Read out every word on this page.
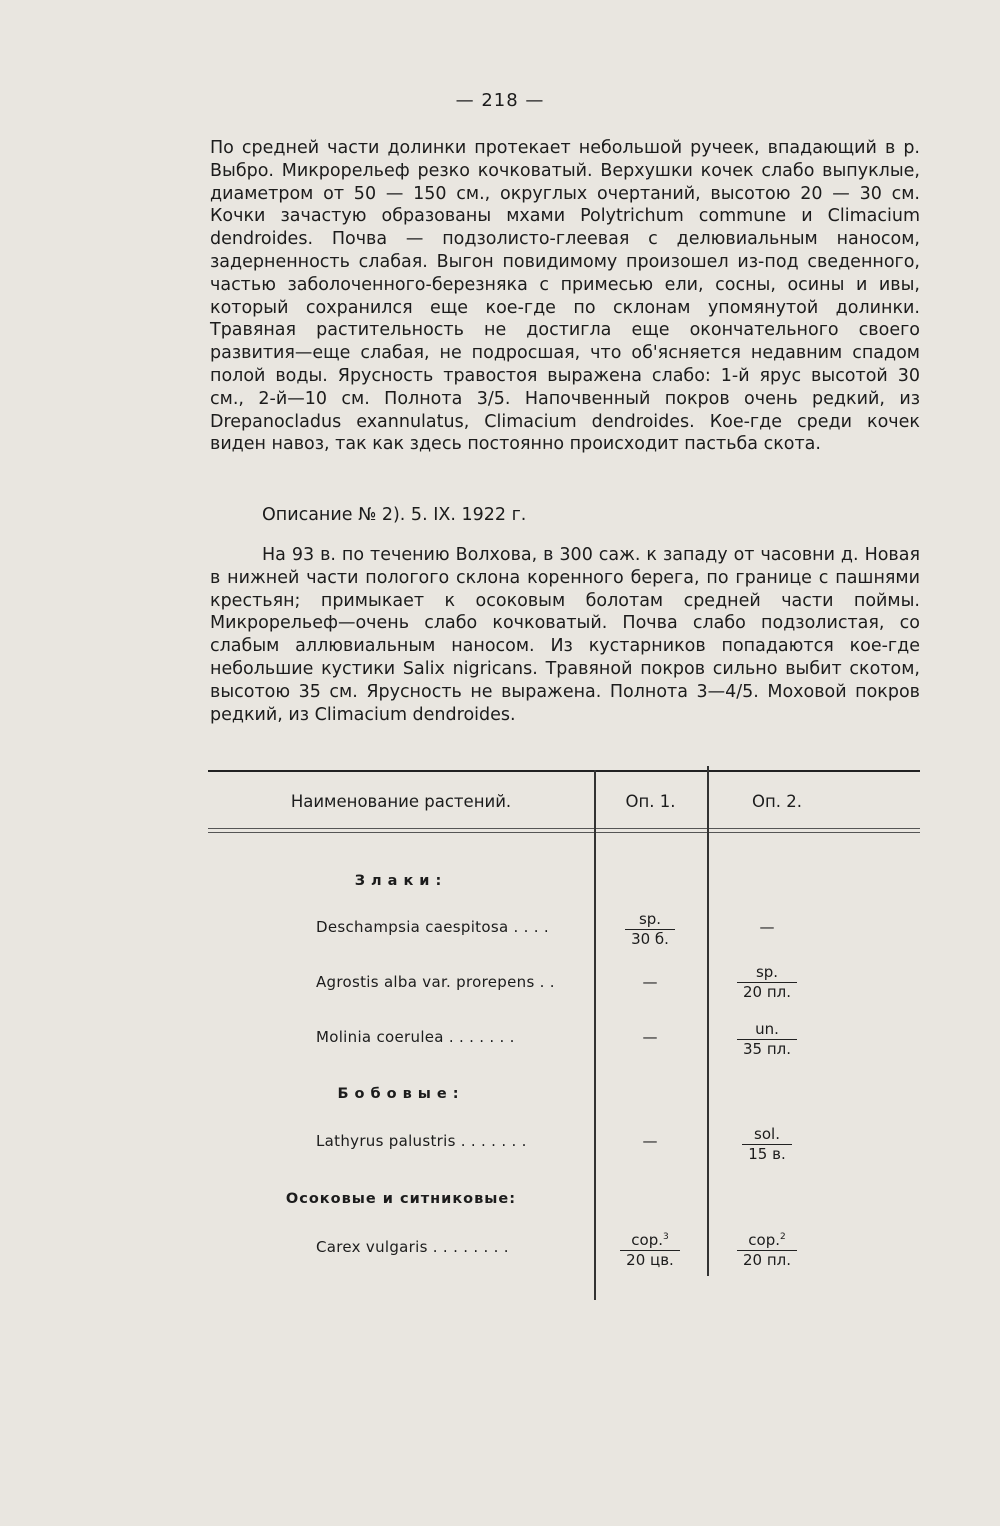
— 218 —

По средней части долинки протекает небольшой ручеек, впадающий в р. Выбро. Микрорельеф резко кочковатый. Верхушки кочек слабо выпуклые, диаметром от 50 — 150 см., округлых очертаний, высотою 20 — 30 см. Кочки зачастую образованы мхами Polytrichum commune и Climacium dendroides. Почва — подзолисто-глеевая с делювиальным наносом, задерненность слабая. Выгон повидимому произошел из-под сведенного, частью заболоченного-березняка с примесью ели, сосны, осины и ивы, который сохранился еще кое-где по склонам упомянутой долинки. Травяная растительность не достигла еще окончательного своего развития—еще слабая, не подросшая, что об'ясняется недавним спадом полой воды. Ярусность травостоя выражена слабо: 1-й ярус высотой 30 см., 2-й—10 см. Полнота 3/5. Напочвенный покров очень редкий, из Drepanocladus exannulatus, Climacium dendroides. Кое-где среди кочек виден навоз, так как здесь постоянно происходит пастьба скота.

Описание № 2). 5. IX. 1922 г.

На 93 в. по течению Волхова, в 300 саж. к западу от часовни д. Новая в нижней части пологого склона коренного берега, по границе с пашнями крестьян; примыкает к осоковым болотам средней части поймы. Микрорельеф—очень слабо кочковатый. Почва слабо подзолистая, со слабым аллювиальным наносом. Из кустарников попадаются кое-где небольшие кустики Salix nigricans. Травяной покров сильно выбит скотом, высотою 35 см. Ярусность не выражена. Полнота 3—4/5. Моховой покров редкий, из Climacium dendroides.

Наименование растений.	Оп. 1.	Оп. 2.
Злаки:
Deschampsia caespitosa . . . .	$\frac{sp.}{30 б.}$	—
Agrostis alba var. prorepens . .	—	$\frac{sp.}{20 пл.}$
Molinia coerulea . . . . . . .	—	$\frac{un.}{35 пл.}$
Бобовые:
Lathyrus palustris . . . . . . .	—	$\frac{\text{sol.}}{15 в.}$
Осоковые и ситниковые:
Carex vulgaris . . . . . . . .	$\frac{cop.^3}{20 цв.}$	$\frac{cop.^2}{20 пл.}$
